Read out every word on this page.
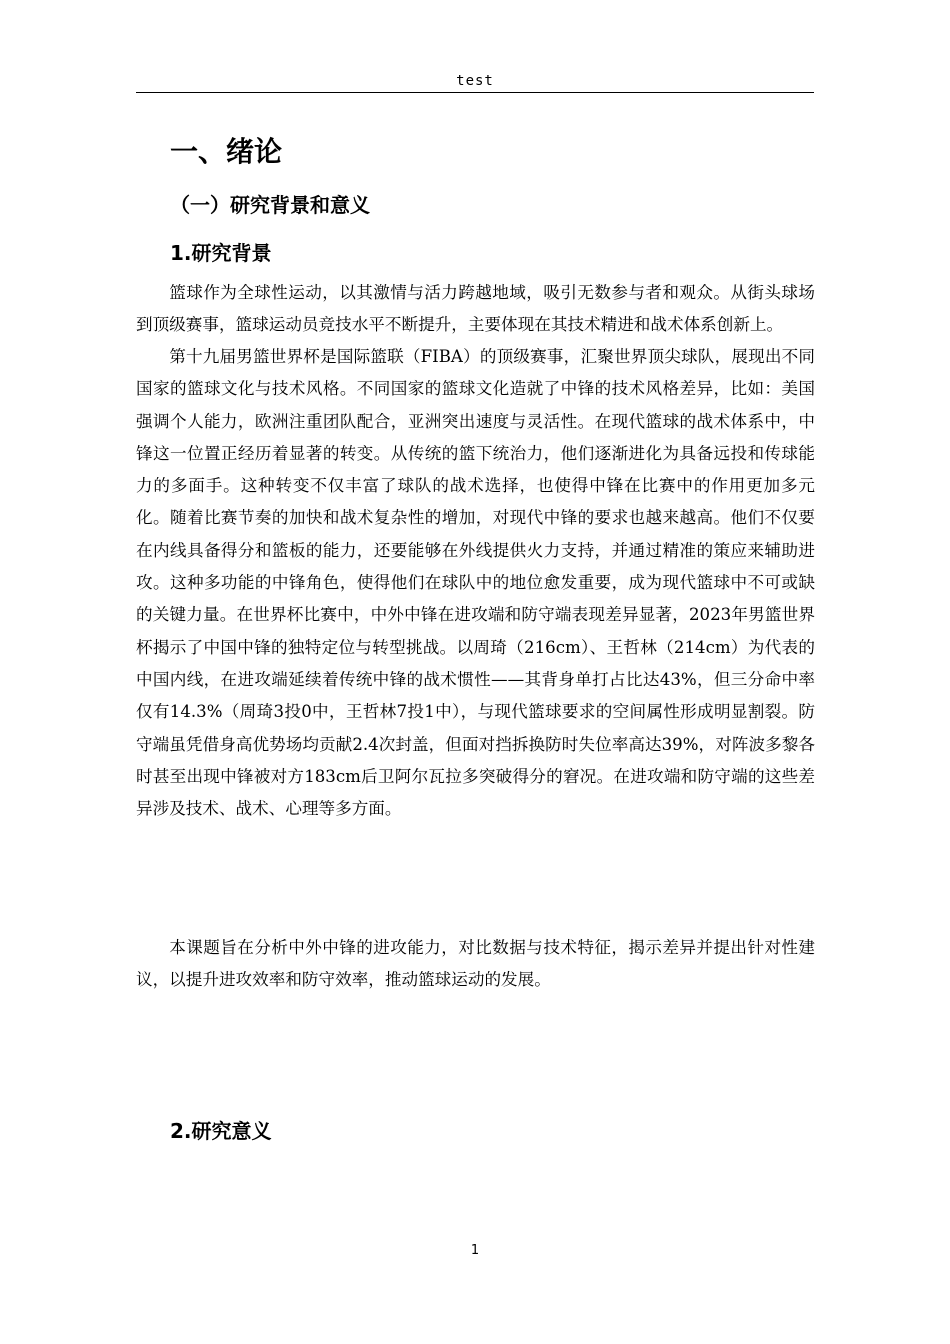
test
一、绪论
（一）研究背景和意义
1.研究背景

篮球作为全球性运动，以其激情与活力跨越地域，吸引无数参与者和观众。从街头球场到顶级赛事，篮球运动员竞技水平不断提升，主要体现在其技术精进和战术体系创新上。

第十九届男篮世界杯是国际篮联（FIBA）的顶级赛事，汇聚世界顶尖球队，展现出不同国家的篮球文化与技术风格。不同国家的篮球文化造就了中锋的技术风格差异，比如：美国强调个人能力，欧洲注重团队配合，亚洲突出速度与灵活性。在现代篮球的战术体系中，中锋这一位置正经历着显著的转变。从传统的篮下统治力，他们逐渐进化为具备远投和传球能力的多面手。这种转变不仅丰富了球队的战术选择，也使得中锋在比赛中的作用更加多元化。随着比赛节奏的加快和战术复杂性的增加，对现代中锋的要求也越来越高。他们不仅要在内线具备得分和篮板的能力，还要能够在外线提供火力支持，并通过精准的策应来辅助进攻。这种多功能的中锋角色，使得他们在球队中的地位愈发重要，成为现代篮球中不可或缺的关键力量。在世界杯比赛中，中外中锋在进攻端和防守端表现差异显著，2023年男篮世界杯揭示了中国中锋的独特定位与转型挑战。以周琦（216cm）、王哲林（214cm）为代表的中国内线，在进攻端延续着传统中锋的战术惯性——其背身单打占比达43%，但三分命中率仅有14.3%（周琦3投0中，王哲林7投1中），与现代篮球要求的空间属性形成明显割裂。防守端虽凭借身高优势场均贡献2.4次封盖，但面对挡拆换防时失位率高达39%，对阵波多黎各时甚至出现中锋被对方183cm后卫阿尔瓦拉多突破得分的窘况。在进攻端和防守端的这些差异涉及技术、战术、心理等多方面。

本课题旨在分析中外中锋的进攻能力，对比数据与技术特征，揭示差异并提出针对性建议，以提升进攻效率和防守效率，推动篮球运动的发展。

2.研究意义
1
